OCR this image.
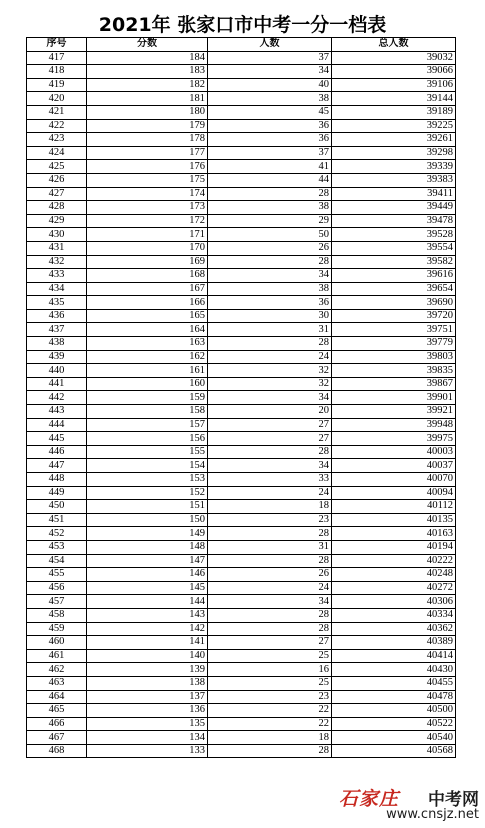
2021年 张家口市中考一分一档表
序号	分数	人数	总人数
417	184	37	39032
418	183	34	39066
419	182	40	39106
420	181	38	39144
421	180	45	39189
422	179	36	39225
423	178	36	39261
424	177	37	39298
425	176	41	39339
426	175	44	39383
427	174	28	39411
428	173	38	39449
429	172	29	39478
430	171	50	39528
431	170	26	39554
432	169	28	39582
433	168	34	39616
434	167	38	39654
435	166	36	39690
436	165	30	39720
437	164	31	39751
438	163	28	39779
439	162	24	39803
440	161	32	39835
441	160	32	39867
442	159	34	39901
443	158	20	39921
444	157	27	39948
445	156	27	39975
446	155	28	40003
447	154	34	40037
448	153	33	40070
449	152	24	40094
450	151	18	40112
451	150	23	40135
452	149	28	40163
453	148	31	40194
454	147	28	40222
455	146	26	40248
456	145	24	40272
457	144	34	40306
458	143	28	40334
459	142	28	40362
460	141	27	40389
461	140	25	40414
462	139	16	40430
463	138	25	40455
464	137	23	40478
465	136	22	40500
466	135	22	40522
467	134	18	40540
468	133	28	40568
石家庄 中考网
www.cnsjz.net
